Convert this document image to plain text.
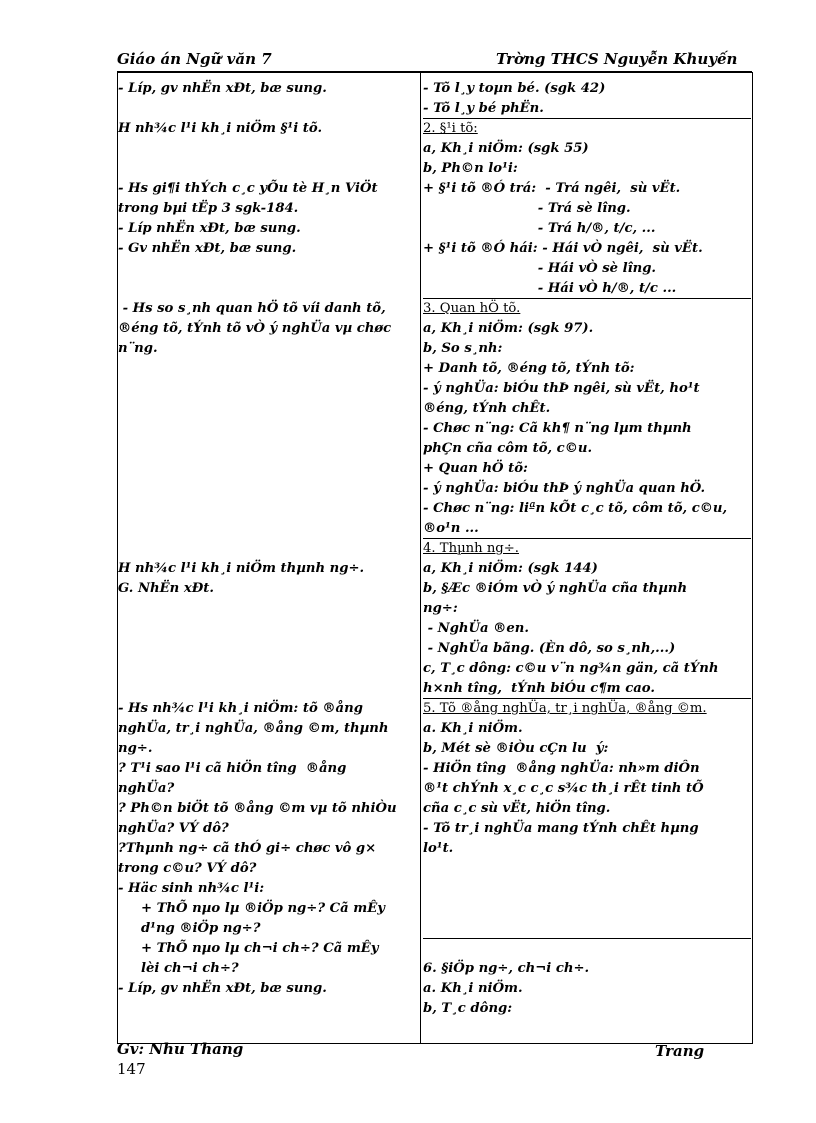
Giáo án Ngữ văn 7	Trờng THCS Nguyễn Khuyến
- Líp, gv nhËn xÐt, bæ sung.
H nh¾c l¹i kh¸i niÖm §¹i tõ.
- Hs gi¶i thÝch c¸c yÕu tè H¸n ViÖt
trong bµi tËp 3 sgk-184.
- Líp nhËn xÐt, bæ sung.
- Gv nhËn xÐt, bæ sung.
- Hs so s¸nh quan hÖ tõ víi danh tõ,
®éng tõ, tÝnh tõ vÒ ý nghÜa vµ chøc
n¨ng.
H nh¾c l¹i kh¸i niÖm thµnh ng÷.
G. NhËn xÐt.
- Hs nh¾c l¹i kh¸i niÖm: tõ ®ång
nghÜa, tr¸i nghÜa, ®ång ©m, thµnh
ng÷.
? T¹i sao l¹i cã hiÖn tîng  ®ång
nghÜa?
? Ph©n biÖt tõ ®ång ©m vµ tõ nhiÒu
nghÜa? VÝ dô?
?Thµnh ng÷ cã thÓ gi÷ chøc vô g×
trong c©u? VÝ dô?
- Häc sinh nh¾c l¹i:
+ ThÕ nµo lµ ®iÖp ng÷? Cã mÊy
d¹ng ®iÖp ng÷?
+ ThÕ nµo lµ ch¬i ch÷? Cã mÊy
lèi ch¬i ch÷?
- Líp, gv nhËn xÐt, bæ sung.
- Tõ l¸y toµn bé. (sgk 42)
- Tõ l¸y bé phËn.
2. §¹i tõ:
a, Kh¸i niÖm: (sgk 55)
b, Ph©n lo¹i:
+ §¹i tõ ®Ó trá:  - Trá ngêi,  sù vËt.
- Trá sè lîng.
- Trá h/®, t/c, ...
+ §¹i tõ ®Ó hái: - Hái vÒ ngêi,  sù vËt.
- Hái vÒ sè lîng.
- Hái vÒ h/®, t/c ...
3. Quan hÖ tõ.
a, Kh¸i niÖm: (sgk 97).
b, So s¸nh:
+ Danh tõ, ®éng tõ, tÝnh tõ:
- ý nghÜa: biÓu thÞ ngêi, sù vËt, ho¹t
®éng, tÝnh chÊt.
- Chøc n¨ng: Cã kh¶ n¨ng lµm thµnh
phÇn cña côm tõ, c©u.
+ Quan hÖ tõ:
- ý nghÜa: biÓu thÞ ý nghÜa quan hÖ.
- Chøc n¨ng: liªn kÕt c¸c tõ, côm tõ, c©u,
®o¹n ...
4. Thµnh ng÷.
a, Kh¸i niÖm: (sgk 144)
b, §Æc ®iÓm vÒ ý nghÜa cña thµnh
ng÷:
- NghÜa ®en.
- NghÜa bãng. (Èn dô, so s¸nh,...)
c, T¸c dông: c©u v¨n ng¾n gän, cã tÝnh
h×nh tîng,  tÝnh biÓu c¶m cao.
5. Tõ ®ång nghÜa, tr¸i nghÜa, ®ång ©m.
a. Kh¸i niÖm.
b, Mét sè ®iÒu cÇn lu  ý:
- HiÖn tîng  ®ång nghÜa: nh»m diÔn
®¹t chÝnh x¸c c¸c s¾c th¸i rÊt tinh tÕ
cña c¸c sù vËt, hiÖn tîng.
- Tõ tr¸i nghÜa mang tÝnh chÊt hµng
lo¹t.
6. §iÖp ng÷, ch¬i ch÷.
a. Kh¸i niÖm.
b, T¸c dông:
Gv: Nhu Thang	Trang
147
